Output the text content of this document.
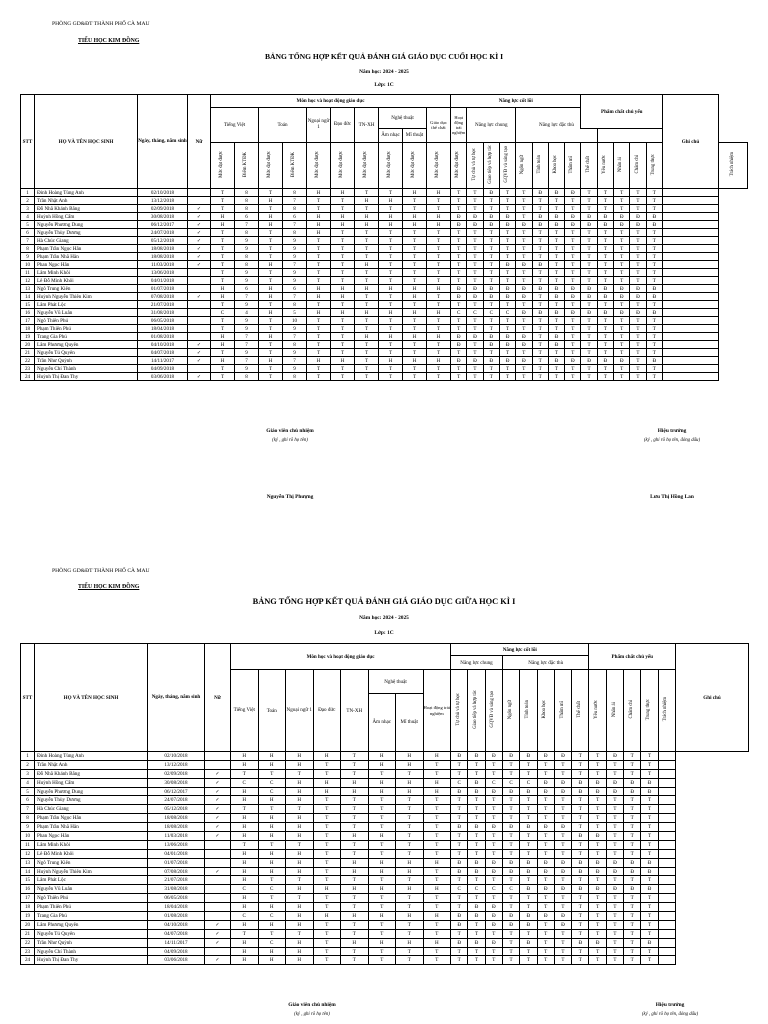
PHÒNG GD&ĐT THÀNH PHỐ CÀ MAU
TIỂU HỌC KIM ĐỒNG
BẢNG TỔNG HỢP KẾT QUẢ ĐÁNH GIÁ GIÁO DỤC CUỐI HỌC KÌ I
Năm học: 2024 - 2025
Lớp: 1C
STT	HỌ VÀ TÊN HỌC SINH	Ngày, tháng, năm sinh	Nữ	Môn học và hoạt động giáo dục										Năng lực cốt lõi								Phẩm chất chủ yếu					Ghi chú	
				Tiếng Việt		Toán		Ngoại ngữ 1	Đạo đức	TN-XH	Nghệ thuật		Giáo dục thể chất	Hoạt động trải nghiệm	Năng lực chung			Năng lực đặc thù										
											Âm nhạc	Mĩ thuật																
				Mức đạt được	Điểm KTĐK	Mức đạt được	Điểm KTĐK	Mức đạt được	Mức đạt được	Mức đạt được	Mức đạt được	Mức đạt được	Mức đạt được	Mức đạt được	Tự chủ và tự học	Giao tiếp và hợp tác	GQVĐ và sáng tạo	Ngôn ngữ	Tính toán	Khoa học	Thẩm mĩ	Thể chất	Yêu nước	Nhân ái	Chăm chỉ	Trung thực		Trách nhiệm
1	Đinh Hoàng Tùng Anh	02/10/2018		T	8	T	8	H	H	T	T	H	H	T	T	Đ	T	T	Đ	Đ	Đ	T	T	T	T	T		
2	Trần Nhật Anh	13/12/2018		T	8	H	7	T	T	H	H	T	T	T	T	T	T	T	T	T	T	T	T	T	T	T		
3	Đỗ Nhã Khánh Băng	02/09/2018	✓	T	8	T	8	T	T	T	T	T	T	T	T	T	T	T	T	T	T	T	T	T	T	T		
4	Huỳnh Hồng Cẩm	30/08/2018	✓	H	6	H	6	H	H	H	H	H	H	Đ	Đ	Đ	Đ	T	Đ	Đ	Đ	Đ	Đ	Đ	Đ	Đ		
5	Nguyễn Phương Dung	06/12/2017	✓	H	7	H	7	H	H	H	H	H	H	Đ	Đ	Đ	Đ	Đ	Đ	Đ	Đ	Đ	Đ	Đ	Đ	Đ		
6	Nguyễn Thùy Dương	24/07/2018	✓	T	8	T	8	H	T	T	T	T	T	T	T	T	T	T	T	T	T	T	T	T	T	T		
7	Hà Chúc Giang	05/12/2018	✓	T	9	T	9	T	T	T	T	T	T	T	T	T	T	T	T	T	T	T	T	T	T	T		
8	Phạm Trần Ngọc Hân	18/08/2018	✓	T	9	T	9	T	T	T	T	T	T	T	T	T	T	T	T	T	T	T	T	T	T	T		
9	Phạm Trần Nhã Hân	18/08/2018	✓	T	8	T	9	T	T	T	T	T	T	T	T	T	T	T	T	T	T	T	T	T	T	T		
10	Phan Ngọc Hân	11/03/2018	✓	T	8	H	7	T	T	H	T	T	T	T	T	T	Đ	Đ	Đ	T	T	T	T	T	T	T		
11	Lâm Minh Khôi	13/06/2018		T	9	T	9	T	T	T	T	T	T	T	T	T	T	T	T	T	T	T	T	T	T	T		
12	Lê Đỗ Minh Khôi	04/01/2018		T	9	T	9	T	T	T	T	T	T	T	T	T	T	T	T	T	T	T	T	T	T	T		
13	Ngô Trung Kiên	01/07/2018		H	6	H	6	H	H	H	H	H	H	Đ	Đ	Đ	Đ	Đ	Đ	Đ	Đ	Đ	Đ	Đ	Đ	Đ		
14	Huỳnh Nguyễn Thiên Kim	07/08/2018	✓	H	7	H	7	H	H	T	T	H	T	Đ	Đ	Đ	Đ	Đ	T	Đ	Đ	Đ	Đ	Đ	Đ	Đ		
15	Lâm Phát Lộc	21/07/2018		T	9	T	8	T	T	T	T	T	T	T	T	T	T	T	T	T	T	T	T	T	T	T		
16	Nguyễn Vũ Luân	31/08/2018		C	4	H	5	H	H	H	H	H	H	C	C	C	C	Đ	Đ	Đ	Đ	Đ	Đ	Đ	Đ	Đ		
17	Ngô Thiên Phú	06/05/2018		T	9	T	10	T	T	T	T	T	T	T	T	T	T	T	T	T	T	T	T	T	T	T		
18	Phạm Thiên Phú	18/04/2018		T	9	T	9	T	T	T	T	T	T	T	T	T	T	T	T	T	T	T	T	T	T	T		
19	Trang Gia Phú	01/08/2018		H	7	H	7	T	T	H	H	H	H	Đ	Đ	Đ	Đ	Đ	T	Đ	T	T	T	T	T	T		
20	Lâm Phương Quyên	04/10/2018	✓	H	7	T	8	T	T	T	T	T	T	Đ	T	Đ	Đ	Đ	T	Đ	T	T	T	T	T	T		
21	Nguyễn Tú Quyên	04/07/2018	✓	T	9	T	9	T	T	T	T	T	T	T	T	T	T	T	T	T	T	T	T	T	T	T		
22	Trần Như Quỳnh	14/11/2017	✓	H	7	H	7	H	H	T	H	H	H	Đ	Đ	Đ	Đ	Đ	T	Đ	Đ	Đ	Đ	Đ	T	Đ		
23	Nguyễn Chí Thành	04/09/2018		T	9	T	9	T	T	T	T	T	T	T	T	T	T	T	T	T	T	T	T	T	T	T		
24	Huỳnh Thị Đan Thy	03/06/2018	✓	T	8	T	8	T	T	T	T	T	T	T	T	T	T	T	T	T	T	T	T	T	T	T		
Giáo viên chủ nhiệm
(ký , ghi rõ họ tên)
Hiệu trưởng
(ký , ghi rõ họ tên, đóng dấu)
Nguyễn Thị Phượng	Lưu Thị Hồng Lan
PHÒNG GD&ĐT THÀNH PHỐ CÀ MAU
TIỂU HỌC KIM ĐỒNG
BẢNG TỔNG HỢP KẾT QUẢ ĐÁNH GIÁ GIÁO DỤC GIỮA HỌC KÌ I
Năm học: 2024 - 2025
Lớp: 1C
STT	HỌ VÀ TÊN HỌC SINH	Ngày, tháng, năm sinh	Nữ	Môn học và hoạt động giáo dục								Năng lực cốt lõi								Phẩm chất chủ yếu					Ghi chú
												Năng lực chung			Năng lực đặc thù										
				Tiếng Việt	Toán	Ngoại ngữ 1	Đạo đức	TN-XH	Nghệ thuật		Hoạt động trải nghiệm	Tự chủ và tự học	Giao tiếp và hợp tác	GQVĐ và sáng tạo	Ngôn ngữ	Tính toán	Khoa học	Thẩm mĩ	Thể chất	Yêu nước	Nhân ái	Chăm chỉ	Trung thực	Trách nhiệm	
									Âm nhạc	Mĩ thuật															
1	Đinh Hoàng Tùng Anh	02/10/2018		H	H	H	H	T	H	H	H	Đ	Đ	Đ	Đ	Đ	Đ	Đ	T	T	Đ	T	T		
2	Trần Nhật Anh	13/12/2018		H	H	H	T	T	H	H	T	T	T	T	T	T	T	T	T	T	T	T	T		
3	Đỗ Nhã Khánh Băng	02/09/2018	✓	T	T	T	T	T	T	T	T	T	T	T	T	T	T	T	T	T	T	T	T		
4	Huỳnh Hồng Cẩm	30/08/2018	✓	C	C	H	H	H	H	H	H	C	Đ	C	C	C	Đ	Đ	Đ	Đ	Đ	Đ	Đ		
5	Nguyễn Phương Dung	06/12/2017	✓	H	C	H	H	H	H	H	H	Đ	Đ	Đ	Đ	Đ	Đ	Đ	Đ	Đ	Đ	Đ	Đ		
6	Nguyễn Thùy Dương	24/07/2018	✓	H	H	H	T	T	T	T	T	T	T	T	T	T	T	T	T	T	T	T	T		
7	Hà Chúc Giang	05/12/2018	✓	T	T	T	T	T	T	T	T	T	T	T	T	T	T	T	T	T	T	T	T		
8	Phạm Trần Ngọc Hân	18/08/2018	✓	H	H	H	T	T	T	T	T	T	T	T	T	T	T	T	T	T	T	T	T		
9	Phạm Trần Nhã Hân	18/08/2018	✓	H	H	H	T	T	T	T	T	Đ	Đ	Đ	Đ	Đ	Đ	Đ	T	T	T	T	T		
10	Phan Ngọc Hân	11/03/2018	✓	H	H	H	T	H	H	T	T	T	T	T	T	T	T	T	Đ	Đ	T	T	T		
11	Lâm Minh Khôi	13/06/2018		T	T	T	T	T	T	T	T	T	T	T	T	T	T	T	T	T	T	T	T		
12	Lê Đỗ Minh Khôi	04/01/2018		H	H	H	T	T	T	T	T	T	T	T	T	T	T	T	T	T	T	T	T		
13	Ngô Trung Kiên	01/07/2018		H	H	H	T	H	H	H	H	Đ	Đ	Đ	Đ	Đ	Đ	Đ	Đ	Đ	Đ	Đ	Đ		
14	Huỳnh Nguyễn Thiên Kim	07/08/2018	✓	H	H	H	T	H	H	H	T	Đ	Đ	Đ	Đ	Đ	Đ	Đ	Đ	Đ	Đ	Đ	Đ		
15	Lâm Phát Lộc	21/07/2018		H	T	T	T	T	T	T	T	T	T	T	T	T	T	T	T	T	T	T	T		
16	Nguyễn Vũ Luân	31/08/2018		C	C	H	H	H	H	H	H	C	C	C	C	Đ	Đ	Đ	Đ	Đ	Đ	Đ	Đ		
17	Ngô Thiên Phú	06/05/2018		H	T	T	T	T	T	T	T	T	T	T	T	T	T	T	T	T	T	T	T		
18	Phạm Thiên Phú	18/04/2018		H	H	H	T	T	T	T	T	T	Đ	Đ	T	T	T	T	T	T	T	T	T		
19	Trang Gia Phú	01/08/2018		C	C	H	H	H	H	H	H	Đ	Đ	Đ	Đ	Đ	Đ	Đ	T	T	T	T	T		
20	Lâm Phương Quyên	04/10/2018	✓	H	H	H	T	T	T	T	T	Đ	T	Đ	Đ	Đ	T	Đ	T	T	T	T	T		
21	Nguyễn Tú Quyên	04/07/2018	✓	T	T	T	T	T	T	T	T	T	T	T	T	T	T	T	T	T	T	T	T		
22	Trần Như Quỳnh	14/11/2017	✓	H	C	H	T	H	H	H	H	Đ	Đ	Đ	T	Đ	T	T	Đ	Đ	T	T	Đ		
23	Nguyễn Chí Thành	04/09/2018		H	H	H	T	T	T	T	T	T	T	T	T	T	T	T	T	T	T	T	T		
24	Huỳnh Thị Đan Thy	03/06/2018	✓	H	H	H	T	T	T	T	T	T	T	T	T	T	T	T	T	T	T	T	T		
Giáo viên chủ nhiệm
(ký , ghi rõ họ tên)
Hiệu trưởng
(ký , ghi rõ họ tên, đóng dấu)
